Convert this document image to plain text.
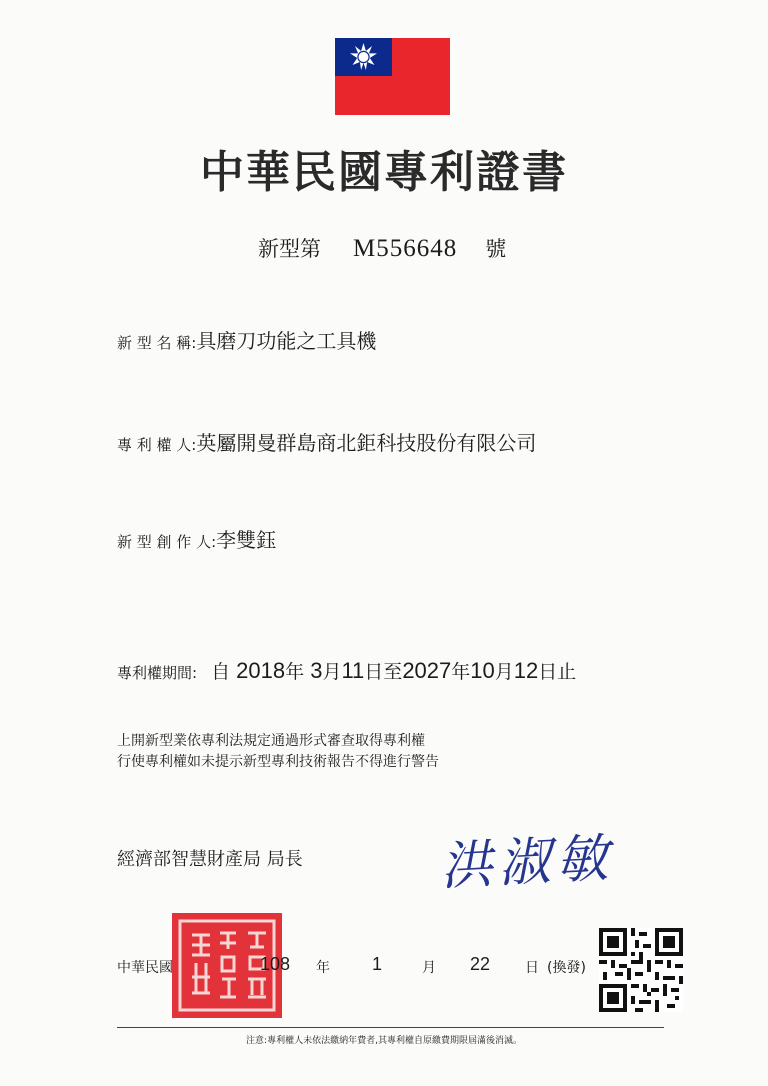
中華民國專利證書
新型第 M556648 號
新 型 名 稱:具磨刀功能之工具機
專 利 權 人:英屬開曼群島商北鉅科技股份有限公司
新 型 創 作 人:李雙鈺
專利權期間: 自 2018年 3月11日至2027年10月12日止
上開新型業依專利法規定通過形式審查取得專利權
行使專利權如未提示新型專利技術報告不得進行警告
經濟部智慧財產局 局長	洪淑敏
中華民國	108 年 1	月 22 日 (換發)
注意:專利權人未依法繳納年費者,其專利權自原繳費期限屆滿後消滅。
